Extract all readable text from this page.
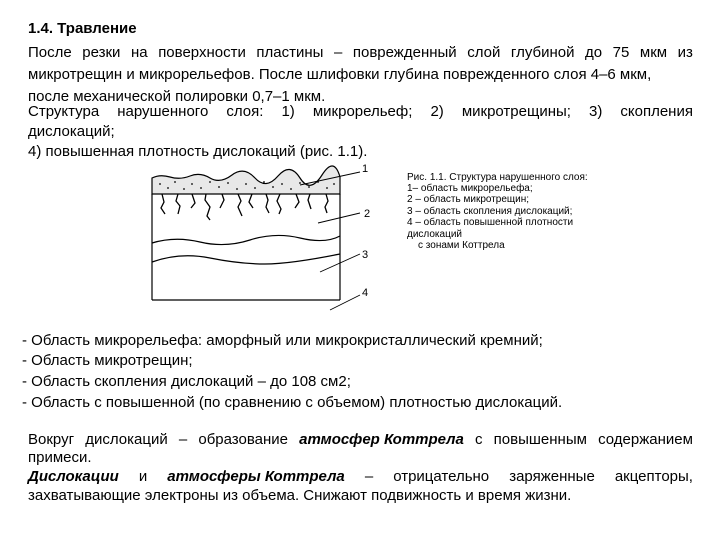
1.4. Травление
После резки на поверхности пластины – поврежденный слой глубиной до 75 мкм из
микротрещин и микрорельефов. После шлифовки глубина поврежденного слоя 4–6 мкм,
после механической полировки 0,7–1 мкм.
Структура нарушенного слоя: 1) микрорельеф; 2) микротрещины; 3) скопления
дислокаций;
4) повышенная плотность дислокаций (рис. 1.1).
1
2
3
4
Рис. 1.1. Структура нарушенного слоя:
1– область микрорельефа;
2 – область микротрещин;
3 – область скопления дислокаций;
4 – область повышенной плотности
дислокаций
с зонами Коттрела
- Область микрорельефа: аморфный или микрокристаллический кремний;
- Область микротрещин;
- Область скопления дислокаций – до 108 см2;
- Область с повышенной (по сравнению с объемом) плотностью дислокаций.
Вокруг дислокаций – образование атмосфер Коттрела с повышенным содержанием
примеси.
Дислокации и атмосферы Коттрела – отрицательно заряженные акцепторы,
захватывающие электроны из объема. Снижают подвижность и время жизни.
